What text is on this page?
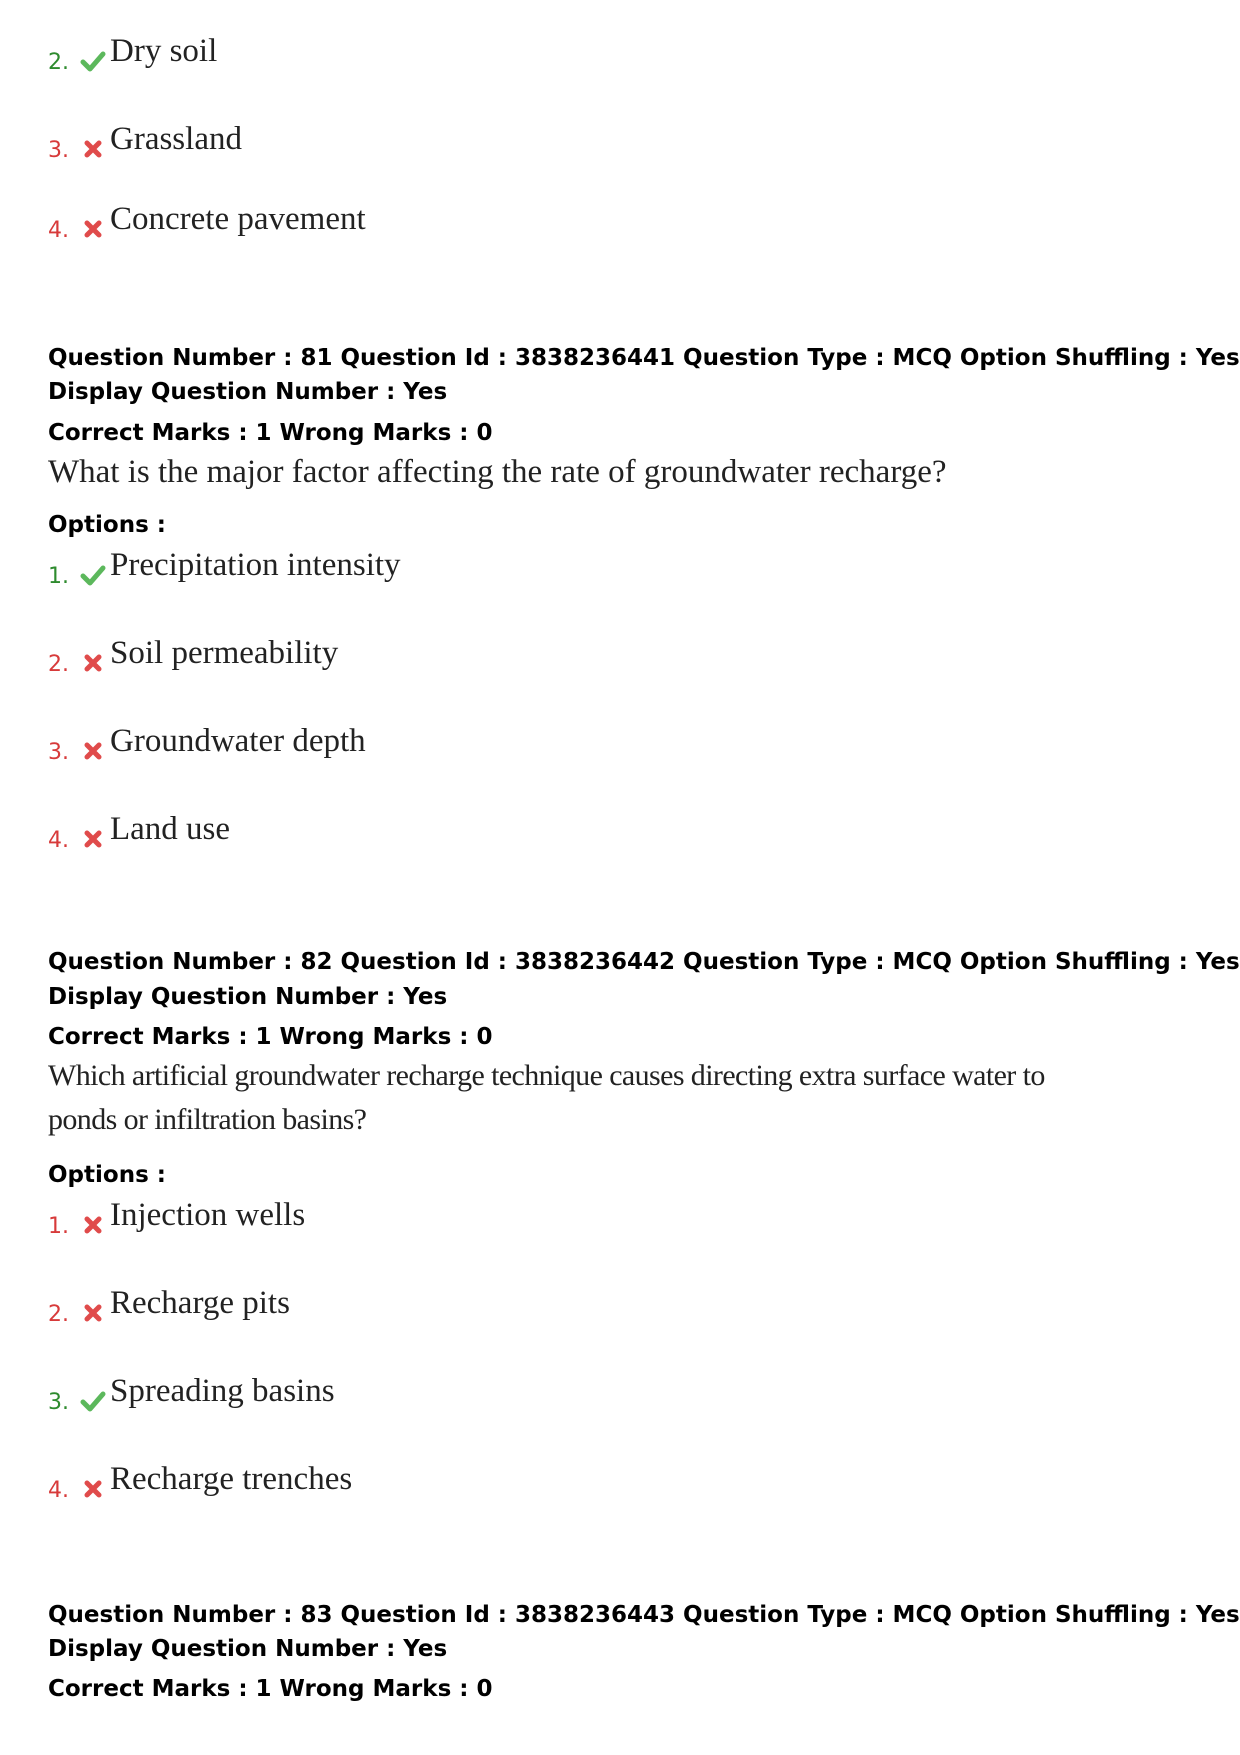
2. Dry soil
3. Grassland
4. Concrete pavement
Question Number : 81 Question Id : 3838236441 Question Type : MCQ Option Shuffling : Yes
Display Question Number : Yes
Correct Marks : 1 Wrong Marks : 0
What is the major factor affecting the rate of groundwater recharge?
Options :
1. Precipitation intensity
2. Soil permeability
3. Groundwater depth
4. Land use
Question Number : 82 Question Id : 3838236442 Question Type : MCQ Option Shuffling : Yes
Display Question Number : Yes
Correct Marks : 1 Wrong Marks : 0
Which artificial groundwater recharge technique causes directing extra surface water to
ponds or infiltration basins?
Options :
1. Injection wells
2. Recharge pits
3. Spreading basins
4. Recharge trenches
Question Number : 83 Question Id : 3838236443 Question Type : MCQ Option Shuffling : Yes
Display Question Number : Yes
Correct Marks : 1 Wrong Marks : 0
